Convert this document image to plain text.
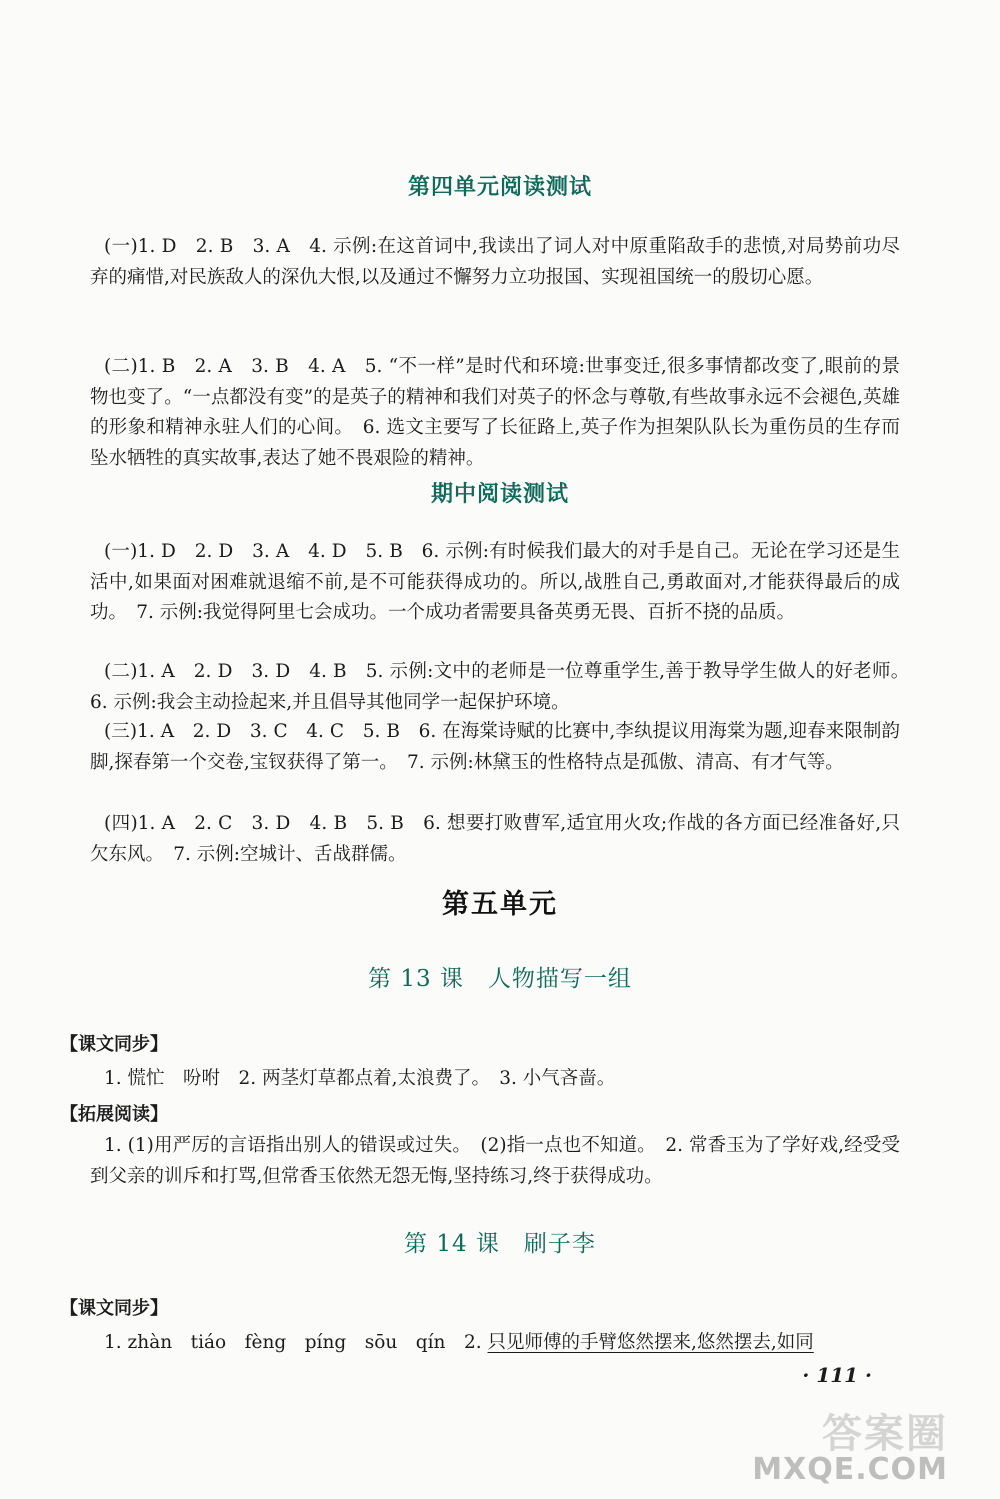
第四单元阅读测试
(一)1. D　2. B　3. A　4. 示例:在这首词中,我读出了词人对中原重陷敌手的悲愤,对局势前功尽弃的痛惜,对民族敌人的深仇大恨,以及通过不懈努力立功报国、实现祖国统一的殷切心愿。
(二)1. B　2. A　3. B　4. A　5. “不一样”是时代和环境:世事变迁,很多事情都改变了,眼前的景物也变了。“一点都没有变”的是英子的精神和我们对英子的怀念与尊敬,有些故事永远不会褪色,英雄的形象和精神永驻人们的心间。　6. 选文主要写了长征路上,英子作为担架队队长为重伤员的生存而坠水牺牲的真实故事,表达了她不畏艰险的精神。
期中阅读测试
(一)1. D　2. D　3. A　4. D　5. B　6. 示例:有时候我们最大的对手是自己。无论在学习还是生活中,如果面对困难就退缩不前,是不可能获得成功的。所以,战胜自己,勇敢面对,才能获得最后的成功。　7. 示例:我觉得阿里七会成功。一个成功者需要具备英勇无畏、百折不挠的品质。
(二)1. A　2. D　3. D　4. B　5. 示例:文中的老师是一位尊重学生,善于教导学生做人的好老师。　6. 示例:我会主动捡起来,并且倡导其他同学一起保护环境。
(三)1. A　2. D　3. C　4. C　5. B　6. 在海棠诗赋的比赛中,李纨提议用海棠为题,迎春来限制韵脚,探春第一个交卷,宝钗获得了第一。　7. 示例:林黛玉的性格特点是孤傲、清高、有才气等。
(四)1. A　2. C　3. D　4. B　5. B　6. 想要打败曹军,适宜用火攻;作战的各方面已经准备好,只欠东风。　7. 示例:空城计、舌战群儒。
第五单元
第 13 课　人物描写一组
【课文同步】
1. 慌忙　吩咐　2. 两茎灯草都点着,太浪费了。　3. 小气吝啬。
【拓展阅读】
1. (1)用严厉的言语指出别人的错误或过失。　(2)指一点也不知道。　2. 常香玉为了学好戏,经受受到父亲的训斥和打骂,但常香玉依然无怨无悔,坚持练习,终于获得成功。
第 14 课　刷子李
【课文同步】
1. zhàn　tiáo　fèng　píng　sōu　qín　2. 只见师傅的手臂悠然摆来,悠然摆去,如同
· 111 ·
答案圈
MXQE.COM
